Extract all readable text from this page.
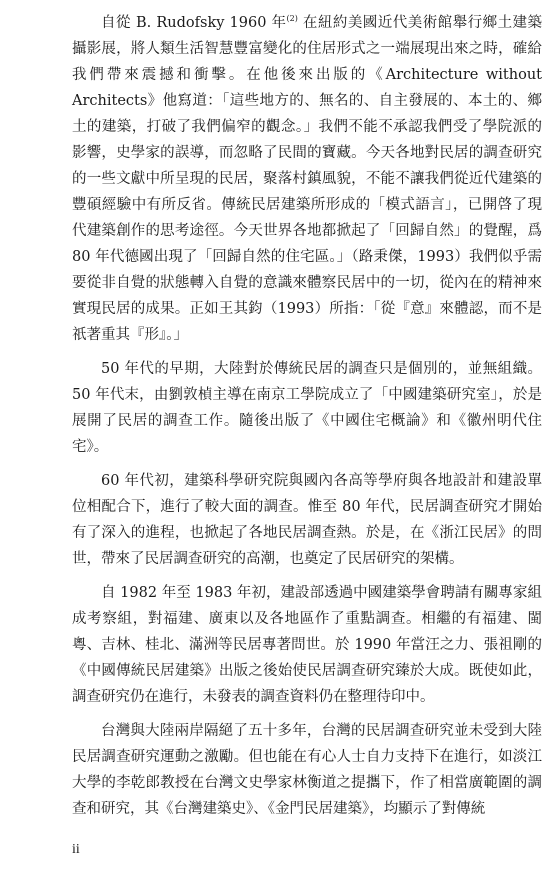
自從 B. Rudofsky 1960 年$^{(2)}$ 在紐約美國近代美術館舉行鄉土建築攝影展，將人類生活智慧豐富變化的住居形式之一端展現出來之時，確給我們帶來震撼和衝擊。在他後來出版的《Architecture without Architects》他寫道：「這些地方的、無名的、自主發展的、本土的、鄉土的建築，打破了我們偏窄的觀念。」我們不能不承認我們受了學院派的影響，史學家的誤導，而忽略了民間的寶藏。今天各地對民居的調查研究的一些文獻中所呈現的民居，聚落村鎮風貌，不能不讓我們從近代建築的豐碩經驗中有所反省。傳統民居建築所形成的「模式語言」，已開啓了現代建築創作的思考途徑。今天世界各地都掀起了「回歸自然」的覺醒，爲 80 年代德國出現了「回歸自然的住宅區。」（路秉傑，1993）我們似乎需要從非自覺的狀態轉入自覺的意識來體察民居中的一切，從內在的精神來實現民居的成果。正如王其鈞（1993）所指：「從『意』來體認，而不是祇著重其『形』。」

50 年代的早期，大陸對於傳統民居的調查只是個別的，並無組織。50 年代末，由劉敦楨主導在南京工學院成立了「中國建築研究室」，於是展開了民居的調查工作。隨後出版了《中國住宅概論》和《徽州明代住宅》。

60 年代初，建築科學研究院與國內各高等學府與各地設計和建設單位相配合下，進行了較大面的調查。惟至 80 年代，民居調查研究才開始有了深入的進程，也掀起了各地民居調查熱。於是，在《浙江民居》的問世，帶來了民居調查研究的高潮，也奠定了民居研究的架構。

自 1982 年至 1983 年初，建設部透過中國建築學會聘請有關專家組成考察組，對福建、廣東以及各地區作了重點調查。相繼的有福建、閩粵、吉林、桂北、滿洲等民居專著問世。於 1990 年當汪之力、張祖剛的《中國傳統民居建築》出版之後始使民居調查研究臻於大成。既使如此，調查研究仍在進行，未發表的調查資料仍在整理待印中。

台灣與大陸兩岸隔絕了五十多年，台灣的民居調查研究並未受到大陸民居調查研究運動之激勵。但也能在有心人士自力支持下在進行，如淡江大學的李乾郎教授在台灣文史學家林衡道之提攜下，作了相當廣範圍的調查和研究，其《台灣建築史》、《金門民居建築》，均顯示了對傳統

ii
